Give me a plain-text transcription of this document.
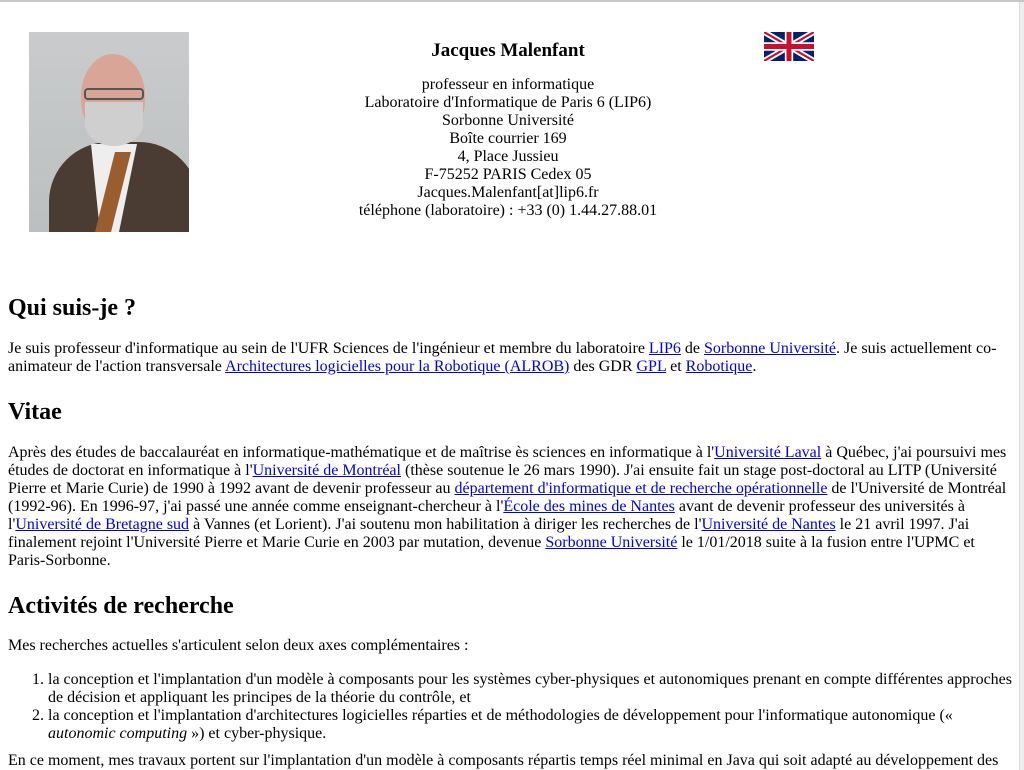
Jacques Malenfant
professeur en informatique
Laboratoire d'Informatique de Paris 6 (LIP6)
Sorbonne Université
Boîte courrier 169
4, Place Jussieu
F-75252 PARIS Cedex 05
Jacques.Malenfant[at]lip6.fr
téléphone (laboratoire) : +33 (0) 1.44.27.88.01
Qui suis-je ?

Je suis professeur d'informatique au sein de l'UFR Sciences de l'ingénieur et membre du laboratoire LIP6 de Sorbonne Université. Je suis actuellement co-animateur de l'action transversale Architectures logicielles pour la Robotique (ALROB) des GDR GPL et Robotique.

Vitae

Après des études de baccalauréat en informatique-mathématique et de maîtrise ès sciences en informatique à l'Université Laval à Québec, j'ai poursuivi mes études de doctorat en informatique à l'Université de Montréal (thèse soutenue le 26 mars 1990). J'ai ensuite fait un stage post-doctoral au LITP (Université Pierre et Marie Curie) de 1990 à 1992 avant de devenir professeur au département d'informatique et de recherche opérationnelle de l'Université de Montréal (1992-96). En 1996-97, j'ai passé une année comme enseignant-chercheur à l'École des mines de Nantes avant de devenir professeur des universités à l'Université de Bretagne sud à Vannes (et Lorient). J'ai soutenu mon habilitation à diriger les recherches de l'Université de Nantes le 21 avril 1997. J'ai finalement rejoint l'Université Pierre et Marie Curie en 2003 par mutation, devenue Sorbonne Université le 1/01/2018 suite à la fusion entre l'UPMC et Paris-Sorbonne.

Activités de recherche

Mes recherches actuelles s'articulent selon deux axes complémentaires :

1. la conception et l'implantation d'un modèle à composants pour les systèmes cyber-physiques et autonomiques prenant en compte différentes approches de décision et appliquant les principes de la théorie du contrôle, et
2. la conception et l'implantation d'architectures logicielles réparties et de méthodologies de développement pour l'informatique autonomique (« autonomic computing ») et cyber-physique.

En ce moment, mes travaux portent sur l'implantation d'un modèle à composants répartis temps réel minimal en Java qui soit adapté au développement des
